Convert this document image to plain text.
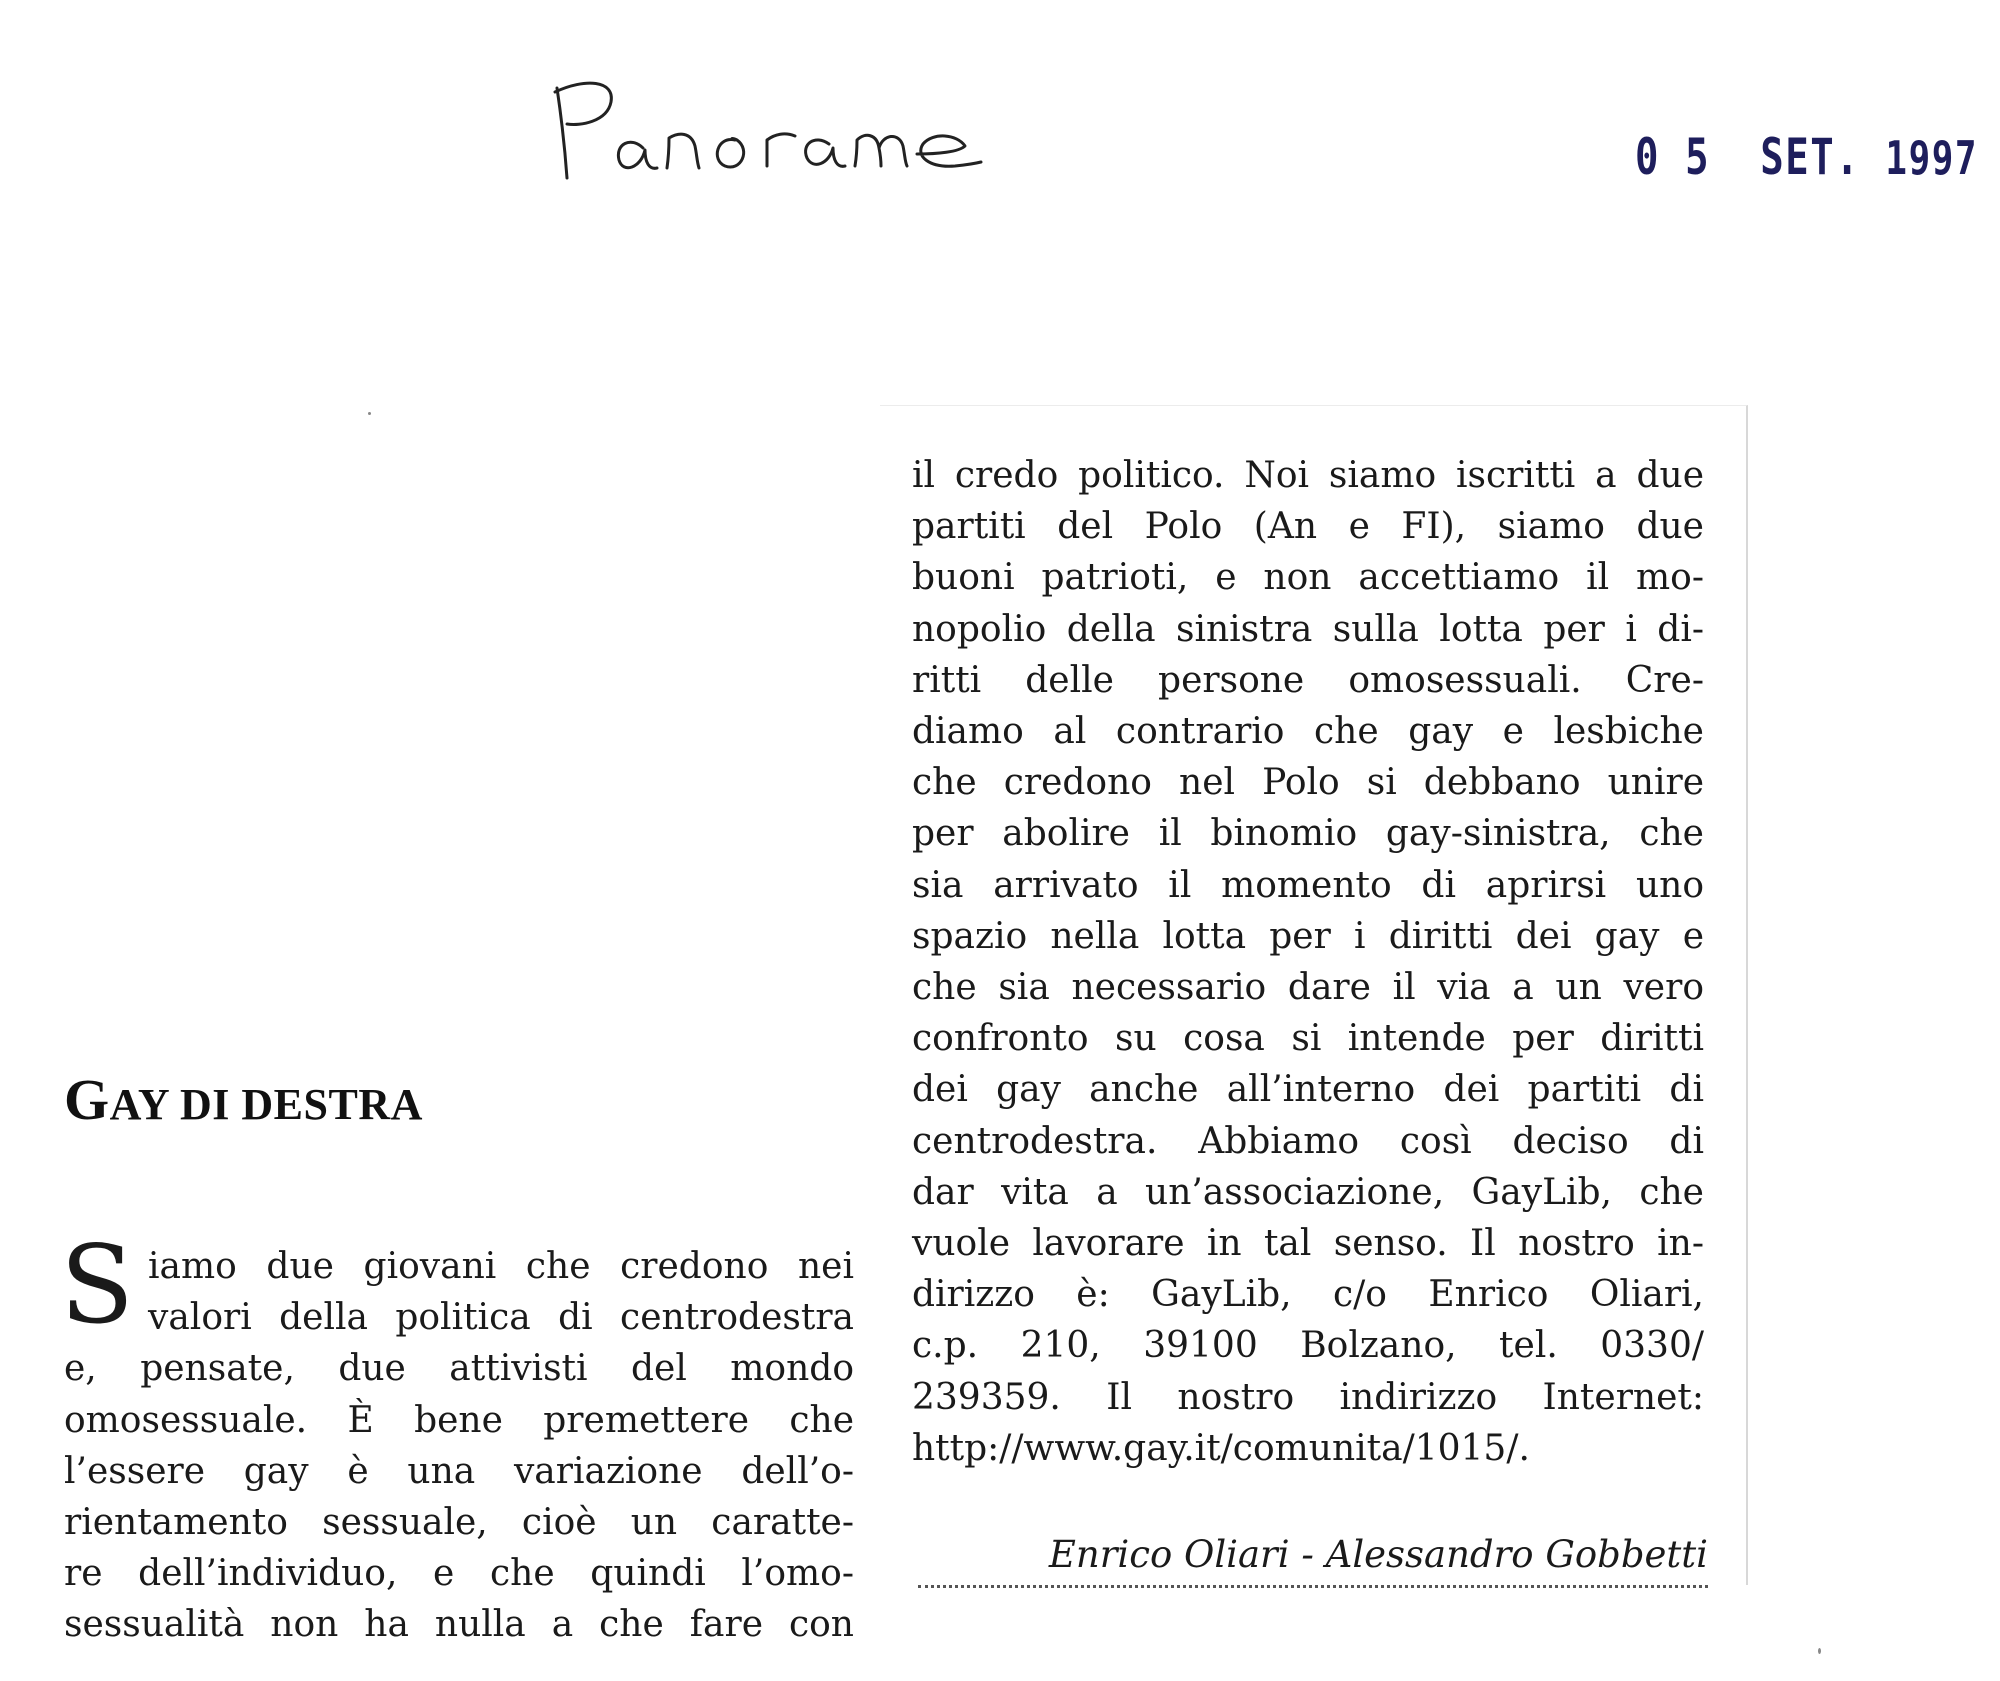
0 5 SET. 1997
GAY DI DESTRA
S iamo due giovani che credono nei
valori della politica di centrodestra
e, pensate, due attivisti del mondo
omosessuale. È bene premettere che
l’essere gay è una variazione dell’o-
rientamento sessuale, cioè un caratte-
re dell’individuo, e che quindi l’omo-
sessualità non ha nulla a che fare con
il credo politico. Noi siamo iscritti a due
partiti del Polo (An e FI), siamo due
buoni patrioti, e non accettiamo il mo-
nopolio della sinistra sulla lotta per i di-
ritti delle persone omosessuali. Cre-
diamo al contrario che gay e lesbiche
che credono nel Polo si debbano unire
per abolire il binomio gay-sinistra, che
sia arrivato il momento di aprirsi uno
spazio nella lotta per i diritti dei gay e
che sia necessario dare il via a un vero
confronto su cosa si intende per diritti
dei gay anche all’interno dei partiti di
centrodestra. Abbiamo così deciso di
dar vita a un’associazione, GayLib, che
vuole lavorare in tal senso. Il nostro in-
dirizzo è: GayLib, c/o Enrico Oliari,
c.p. 210, 39100 Bolzano, tel. 0330/
239359. Il nostro indirizzo Internet:
http://www.gay.it/comunita/1015/.
Enrico Oliari - Alessandro Gobbetti
